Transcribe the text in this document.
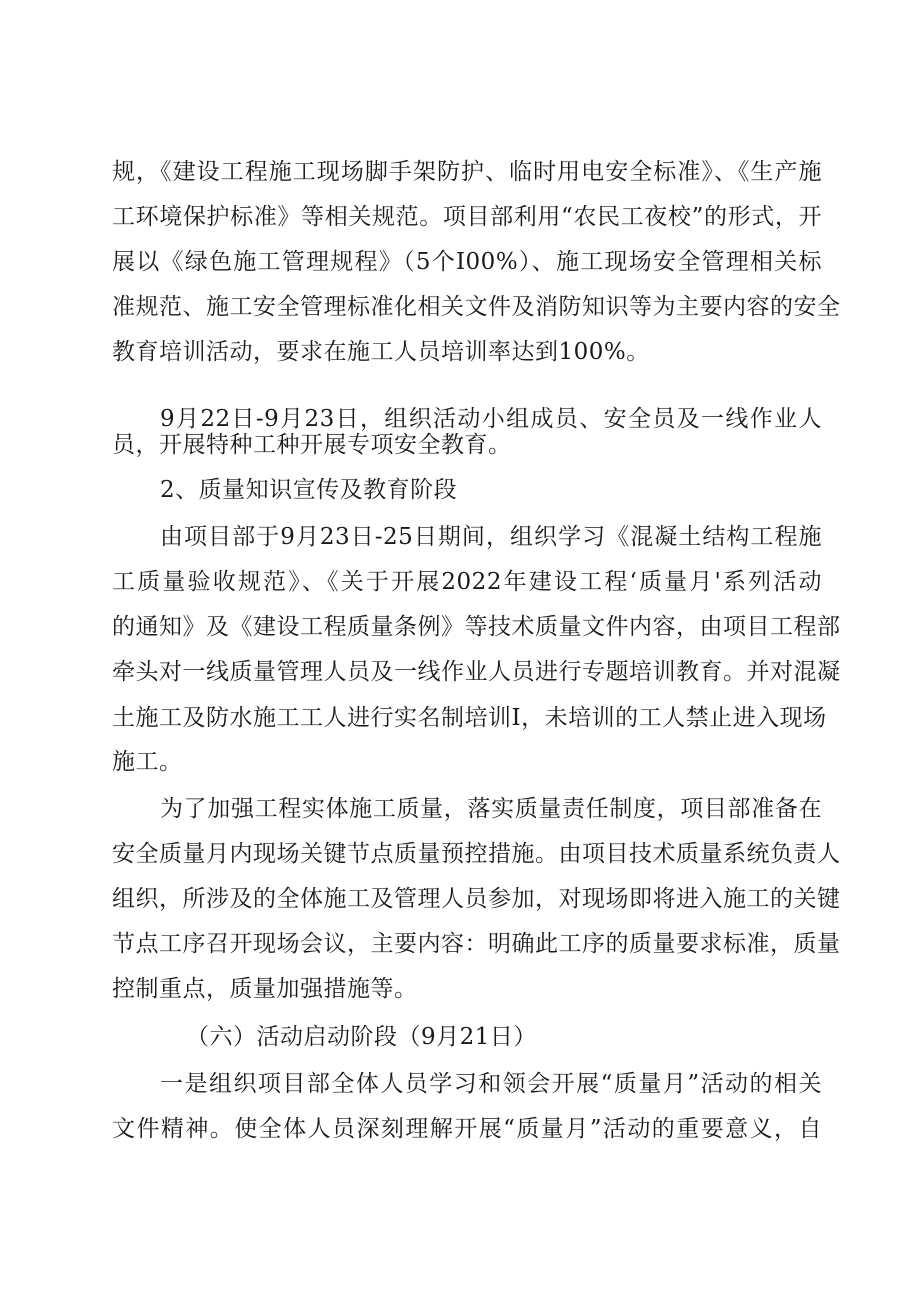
规，《建设工程施工现场脚手架防护、临时用电安全标准》、《生产施
工环境保护标准》等相关规范。项目部利用“农民工夜校”的形式，开
展以《绿色施工管理规程》（5个I00%）、施工现场安全管理相关标
准规范、施工安全管理标准化相关文件及消防知识等为主要内容的安全
教育培训活动，要求在施工人员培训率达到100%。
9月22日-9月23日，组织活动小组成员、安全员及一线作业人
员，开展特种工种开展专项安全教育。
2、质量知识宣传及教育阶段
由项目部于9月23日-25日期间，组织学习《混凝土结构工程施
工质量验收规范》、《关于开展2022年建设工程‘质量月'系列活动
的通知》及《建设工程质量条例》等技术质量文件内容，由项目工程部
牵头对一线质量管理人员及一线作业人员进行专题培训教育。并对混凝
土施工及防水施工工人进行实名制培训I，未培训的工人禁止进入现场
施工。
为了加强工程实体施工质量，落实质量责任制度，项目部准备在
安全质量月内现场关键节点质量预控措施。由项目技术质量系统负责人
组织，所涉及的全体施工及管理人员参加，对现场即将进入施工的关键
节点工序召开现场会议，主要内容：明确此工序的质量要求标准，质量
控制重点，质量加强措施等。
（六）活动启动阶段（9月21日）
一是组织项目部全体人员学习和领会开展“质量月”活动的相关
文件精神。使全体人员深刻理解开展“质量月”活动的重要意义，自
